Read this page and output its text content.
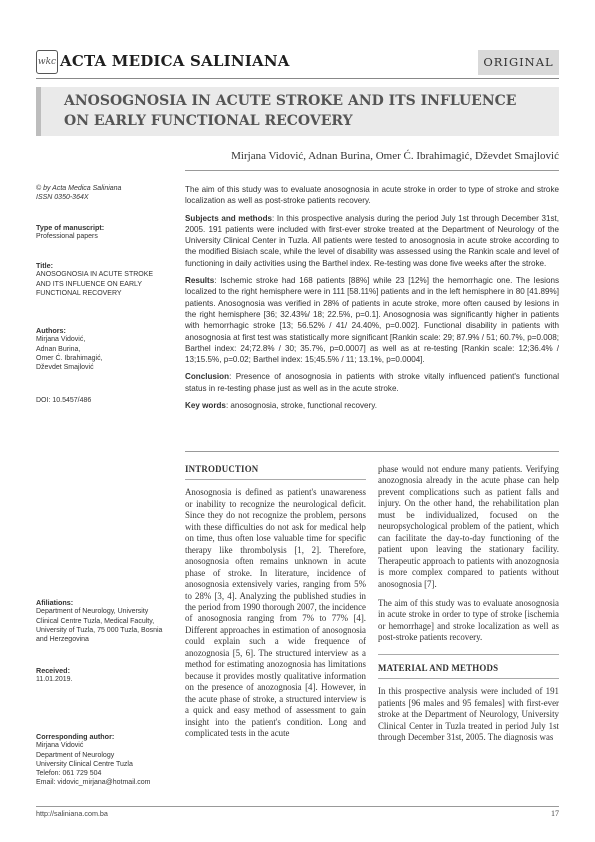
wkc ACTA MEDICA SALINIANA	ORIGINAL
ANOSOGNOSIA IN ACUTE STROKE AND ITS INFLUENCE ON EARLY FUNCTIONAL RECOVERY
Mirjana Vidović, Adnan Burina, Omer Ć. Ibrahimagić, Dževdet Smajlović
© by Acta Medica Saliniana
ISSN 0350-364X
Type of manuscript:
Professional papers
Title:
ANOSOGNOSIA IN ACUTE STROKE AND ITS INFLUENCE ON EARLY FUNCTIONAL RECOVERY
Authors:
Mirjana Vidović,
Adnan Burina,
Omer Ć. Ibrahimagić,
Dževdet Smajlović
DOI: 10.5457/486
Afiliations:
Department of Neurology, University Clinical Centre Tuzla, Medical Faculty, University of Tuzla, 75 000 Tuzla, Bosnia and Herzegovina
Received:
11.01.2019.
Corresponding author:
Mirjana Vidović
Department of Neurology
University Clinical Centre Tuzla
Telefon: 061 729 504
Email: vidovic_mirjana@hotmail.com

The aim of this study was to evaluate anosognosia in acute stroke in order to type of stroke and stroke localization as well as post-stroke patients recovery.

Subjects and methods: In this prospective analysis during the period July 1st through December 31st, 2005. 191 patients were included with first-ever stroke treated at the Department of Neurology of the University Clinical Center in Tuzla. All patients were tested to anosognosia in acute stroke according to the modified Bisiach scale, while the level of disability was assessed using the Rankin scale and level of functioning in daily activities using the Barthel index. Re-testing was done five weeks after the stroke.

Results: Ischemic stroke had 168 patients [88%] while 23 [12%] the hemorrhagic one. The lesions localized to the right hemisphere were in 111 [58.11%] patients and in the left hemisphere in 80 [41.89%] patients. Anosognosia was verified in 28% of patients in acute stroke, more often caused by lesions in the right hemisphere [36; 32.43%/ 18; 22.5%, p=0.1]. Anosognosia was significantly higher in patients with hemorrhagic stroke [13; 56.52% / 41/ 24.40%, p=0.002]. Functional disability in patients with anosognosia at first test was statistically more significant [Rankin scale: 29; 87.9% / 51; 60.7%, p=0.008; Barthel index: 24;72.8% / 30; 35.7%, p=0.0007] as well as at re-testing [Rankin scale: 12;36.4% / 13;15.5%, p=0.02; Barthel index: 15;45.5% / 11; 13.1%, p=0.0004].

Conclusion: Presence of anosognosia in patients with stroke vitally influenced patient's functional status in re-testing phase just as well as in the acute stroke.

Key words: anosognosia, stroke, functional recovery.

INTRODUCTION

Anosognosia is defined as patient's unawareness or inability to recognize the neurological deficit. Since they do not recognize the problem, persons with these difficulties do not ask for medical help on time, thus often lose valuable time for specific therapy like thrombolysis [1, 2]. Therefore, anosognosia often remains unknown in acute phase of stroke. In literature, incidence of anosognosia extensively varies, ranging from 5% to 28% [3, 4]. Analyzing the published studies in the period from 1990 thorough 2007, the incidence of anosognosia ranging from 7% to 77% [4]. Different approaches in estimation of anosognosia could explain such a wide frequence of anozognosia [5, 6]. The structured interview as a method for estimating anozognosia has limitations because it provides mostly qualitative information on the presence of anozognosia [4]. However, in the acute phase of stroke, a structured interview is a quick and easy method of assessment to gain insight into the patient's condition. Long and complicated tests in the acute

phase would not endure many patients. Verifying anozognosia already in the acute phase can help prevent complications such as patient falls and injury. On the other hand, the rehabilitation plan must be individualized, focused on the neuropsychological problem of the patient, which can facilitate the day-to-day functioning of the patient upon leaving the stationary facility. Therapeutic approach to patients with anozognosia is more complex compared to patients without anosognosia [7].

The aim of this study was to evaluate anosognosia in acute stroke in order to type of stroke [ischemia or hemorrhage] and stroke localization as well as post-stroke patients recovery.

MATERIAL AND METHODS

In this prospective analysis were included of 191 patients [96 males and 95 females] with first-ever stroke at the Department of Neurology, University Clinical Center in Tuzla treated in period July 1st through December 31st, 2005. The diagnosis was

http://saliniana.com.ba	17
